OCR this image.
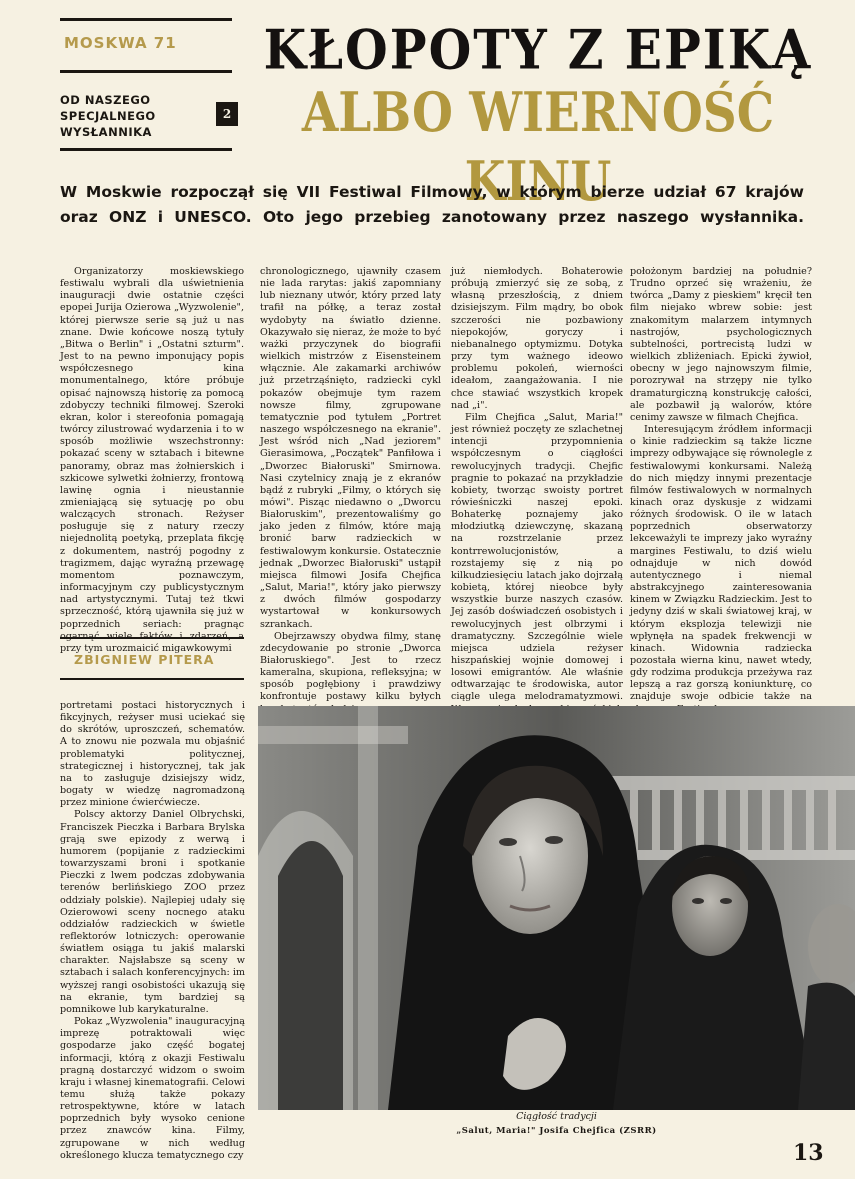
MOSKWA 71
OD NASZEGO SPECJALNEGO WYSŁANNIKA
2
KŁOPOTY Z EPIKĄ
ALBO WIERNOŚĆ KINU
W Moskwie rozpoczął się VII Festiwal Filmowy, w którym bierze udział 67 krajów oraz ONZ i UNESCO. Oto jego przebieg zanotowany przez naszego wysłannika.

Organizatorzy moskiewskiego festiwalu wybrali dla uświetnienia inauguracji dwie ostatnie części epopei Jurija Ozierowa „Wyzwolenie", której pierwsze serie są już u nas znane. Dwie końcowe noszą tytuły „Bitwa o Berlin" i „Ostatni szturm". Jest to na pewno imponujący popis współczesnego kina monumentalnego, które próbuje opisać najnowszą historię za pomocą zdobyczy techniki filmowej. Szeroki ekran, kolor i stereofonia pomagają twórcy zilustrować wydarzenia i to w sposób możliwie wszechstronny: pokazać sceny w sztabach i bitewne panoramy, obraz mas żołnierskich i szkicowe sylwetki żołnierzy, frontową lawinę ognia i nieustannie zmieniającą się sytuację po obu walczących stronach. Reżyser posługuje się z natury rzeczy niejednolitą poetyką, przeplata fikcję z dokumentem, nastrój pogodny z tragizmem, dając wyraźną przewagę momentom poznawczym, informacyjnym czy publicystycznym nad artystycznymi. Tutaj też tkwi sprzeczność, którą ujawniła się już w poprzednich seriach: pragnąc przy tym urozmaicić migawkowymi

ZBIGNIEW PITERA

portretami postaci historycznych i fikcyjnych, reżyser musi uciekać się do skrótów, uproszczeń, schematów. A to znowu nie pozwala mu objaśnić problematyki politycznej, strategicznej i historycznej, tak jak na to zasługuje dzisiejszy widz, bogaty w wiedzę nagromadzoną przez minione ćwierćwiecze.

Polscy aktorzy Daniel Olbrychski, Franciszek Pieczka i Barbara Brylska grają swe epizody z werwą i humorem (popijanie z radzieckimi towarzyszami broni i spotkanie Pieczki z lwem podczas zdobywania terenów berlińskiego ZOO przez oddziały polskie). Najlepiej udały się Ozierowowi sceny nocnego ataku oddziałów radzieckich w świetle reflektorów lotniczych: operowanie światłem osiąga tu jakiś malarski charakter. Najsłabsze są sceny w sztabach i salach konferencyjnych: im wyższej rangi osobistości ukazują się na ekranie, tym bardziej są pomnikowe lub karykaturalne.

Pokaz „Wyzwolenia" inauguracyjną imprezę potraktowali więc gospodarze jako część bogatej informacji, którą z okazji Festiwalu pragną dostarczyć widzom o swoim kraju i własnej kinematografii. Celowi temu służą także pokazy retrospektywne, które w latach poprzednich były wysoko cenione przez znawców kina. Filmy, zgrupowane w nich według określonego klucza tematycznego czy

chronologicznego, ujawniły czasem nie lada rarytas: jakiś zapomniany lub nieznany utwór, który przed laty trafił na półkę, a teraz został wydobyty na światło dzienne. Okazywało się nieraz, że może to być ważki przyczynek do biografii wielkich mistrzów z Eisensteinem włącznie. Ale zakamarki archiwów już przetrząśnięto, radziecki cykl pokazów obejmuje tym razem nowsze filmy, zgrupowane tematycznie pod tytułem „Portret naszego współczesnego na ekranie". Jest wśród nich „Nad jeziorem" Gierasimowa, „Początek" Panfiłowa i „Dworzec Białoruski" Smirnowa. Nasi czytelnicy znają je z ekranów bądź z rubryki „Filmy, o których się mówi". Pisząc niedawno o „Dworcu Białoruskim", prezentowaliśmy go jako jeden z filmów, które mają bronić barw radzieckich w festiwalowym konkursie. Ostatecznie jednak „Dworzec Białoruski" ustąpił miejsca filmowi Josifa Chejfica „Salut, Maria!", który jako pierwszy z dwóch filmów gospodarzy wystartował w konkursowych szrankach.

Obejrzawszy obydwa filmy, stanę zdecydowanie po stronie „Dworca Białoruskiego". Jest to rzecz kameralna, skupiona, refleksyjna; w sposób pogłębiony i prawdziwy konfrontuje postawy kilku byłych

już niemłodych. Bohaterowie próbują zmierzyć się ze sobą, z własną przeszłością, z dniem dzisiejszym. Film mądry, bo obok szczerości nie pozbawiony niepokojów, goryczy i niebanalnego optymizmu. Dotyka przy tym ważnego ideowo problemu pokoleń, wierności ideałom, zaangażowania. I nie chce stawiać wszystkich kropek nad „i".

Film Chejfica „Salut, Maria!" jest również poczęty ze szlachetnej intencji przypomnienia współczesnym o ciągłości rewolucyjnych tradycji. Chejfic pragnie to pokazać na przykładzie kobiety, tworząc swoisty portret rówieśniczki naszej epoki. Bohaterkę poznajemy jako młodziutką dziewczynę, skazaną na rozstrzelanie przez kontrrewolucjonistów, a rozstajemy się z nią po kilkudziesięciu latach jako dojrzałą kobietą, której nieobce były wszystkie burze naszych czasów. Jej zasób doświadczeń osobistych i rewolucyjnych jest olbrzymi i dramatyczny. Szczególnie wiele miejsca udziela reżyser hiszpańskiej wojnie domowej i losowi emigrantów. Ale właśnie odtwarzając te środowiska, autor ciągle ulega melodramatyzmowi.

położonym bardziej na południe? Trudno oprzeć się wrażeniu, że twórca „Damy z pieskiem" kręcił ten film niejako wbrew sobie: jest znakomitym malarzem intymnych nastrojów, psychologicznych subtelności, portrecistą ludzi w wielkich zbliżeniach. Epicki żywioł, obecny w jego najnowszym filmie, porozrywał na strzępy nie tylko dramaturgiczną konstrukcję całości, ale pozbawił ją walorów, które cenimy zawsze w filmach Chejfica.

Interesującym źródłem informacji o kinie radzieckim są także liczne imprezy odbywające się równolegle z festiwalowymi konkursami. Należą do nich między innymi prezentacje filmów festiwalowych w normalnych kinach oraz dyskusje z widzami różnych środowisk. O ile w latach poprzednich obserwatorzy lekceważyli te imprezy jako wyraźny margines Festiwalu, to dziś wielu odnajduje w nich dowód autentycznego i niemal abstrakcyjnego zainteresowania kinem w Związku Radzieckim. Jest to jedyny dziś w skali światowej kraj, w którym eksplozja telewizji nie wpłynęła na spadek frekwencji w kinach. Widownia radziecka pozostała wierna kinu, nawet wtedy, gdy rodzima produkcja przeżywa raz lepszą a raz gorszą koniunkturę, co znajduje swoje odbicie także na

Ciągłość tradycji
„Salut, Maria!" Josifa Chejfica (ZSRR)
13
